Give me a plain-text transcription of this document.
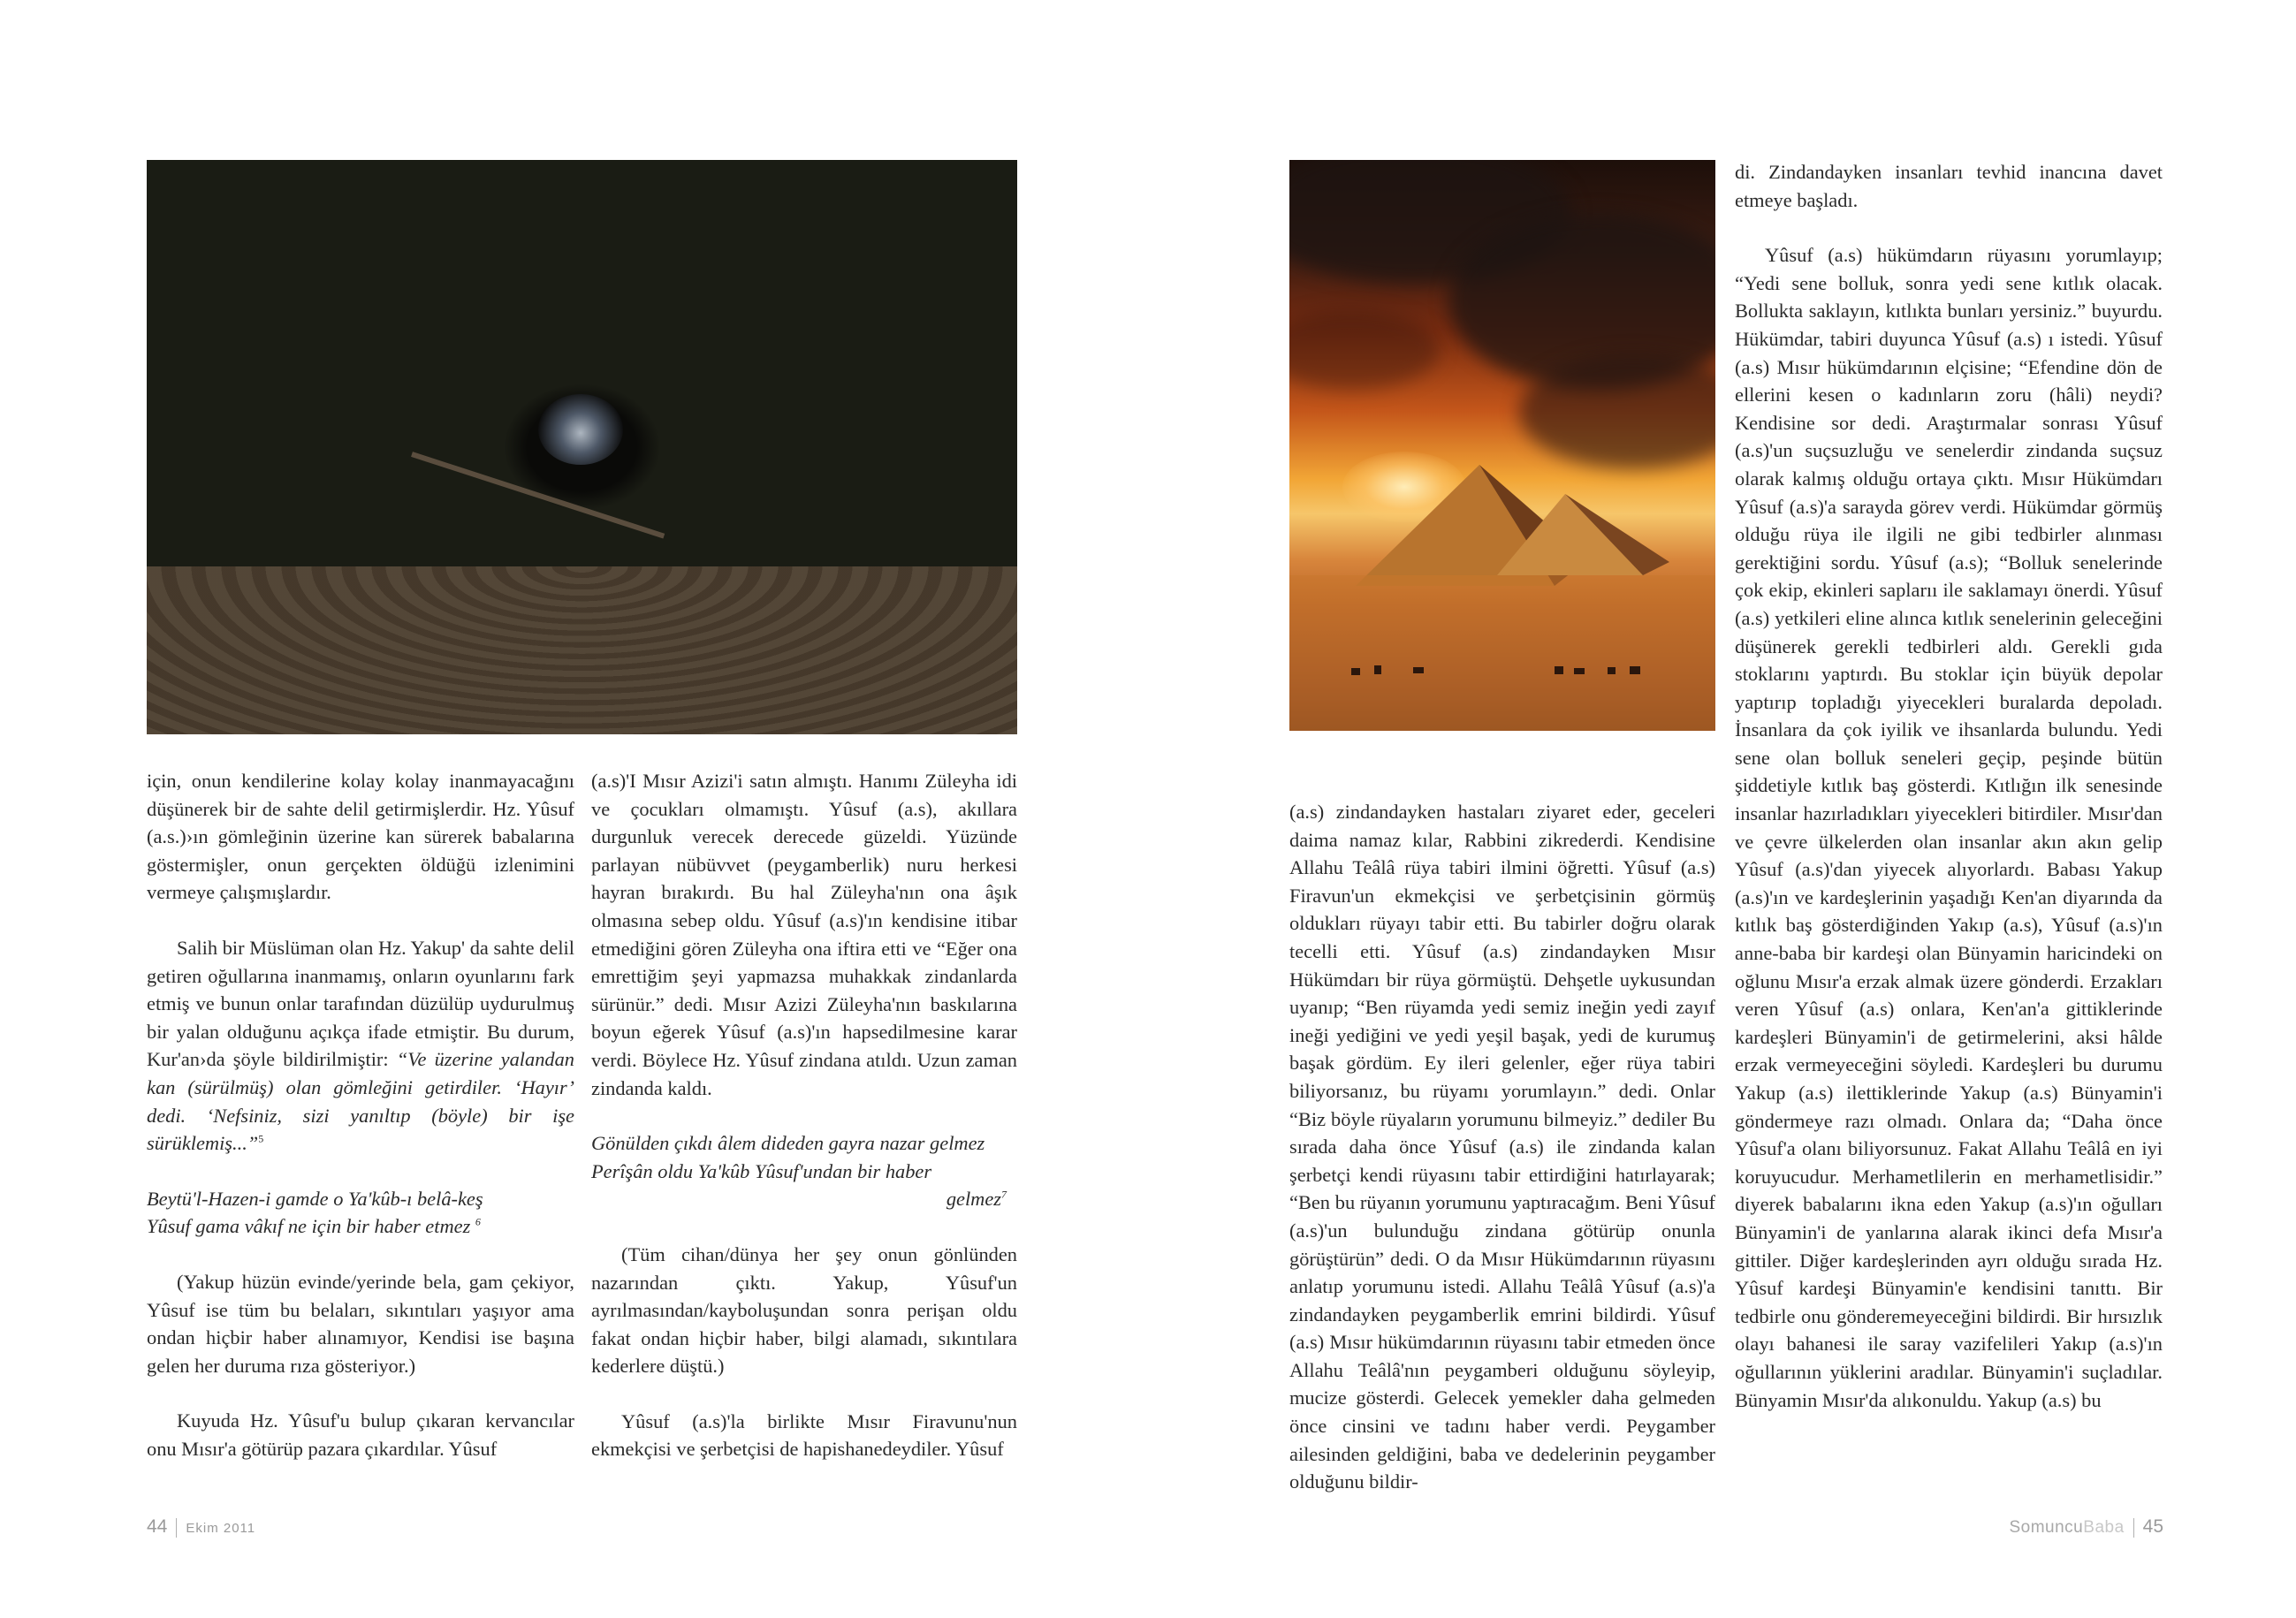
için, onun kendilerine kolay kolay inanmayacağını düşünerek bir de sahte delil getirmişlerdir. Hz. Yûsuf (a.s.)›ın gömleğinin üzerine kan sürerek babalarına göstermişler, onun gerçekten öldüğü izlenimini vermeye çalışmışlardır.

Salih bir Müslüman olan Hz. Yakup' da sahte delil getiren oğullarına inanmamış, onların oyunlarını fark etmiş ve bunun onlar tarafından düzülüp uydurulmuş bir yalan olduğunu açıkça ifade etmiştir. Bu durum, Kur'an›da şöyle bildirilmiştir: “Ve üzerine yalandan kan (sürülmüş) olan gömleğini getirdiler. ‘Hayır’ dedi. ‘Nefsiniz, sizi yanıltıp (böyle) bir işe sürüklemiş...”$^5$

Beytü'l-Hazen-i gamde o Ya'kûb-ı belâ-keş

Yûsuf gama vâkıf ne için bir haber etmez $^6$

(Yakup hüzün evinde/yerinde bela, gam çekiyor, Yûsuf ise tüm bu belaları, sıkıntıları yaşıyor ama ondan hiçbir haber alınamıyor, Kendisi ise başına gelen her duruma rıza gösteriyor.)

Kuyuda Hz. Yûsuf'u bulup çıkaran kervancılar onu Mısır'a götürüp pazara çıkardılar. Yûsuf

(a.s)'I Mısır Azizi'i satın almıştı. Hanımı Züleyha idi ve çocukları olmamıştı. Yûsuf (a.s), akıllara durgunluk verecek derecede güzeldi. Yüzünde parlayan nübüvvet (peygamberlik) nuru herkesi hayran bırakırdı. Bu hal Züleyha'nın ona âşık olmasına sebep oldu. Yûsuf (a.s)'ın kendisine itibar etmediğini gören Züleyha ona iftira etti ve “Eğer ona emrettiğim şeyi yapmazsa muhakkak zindanlarda sürünür.” dedi. Mısır Azizi Züleyha'nın baskılarına boyun eğerek Yûsuf (a.s)'ın hapsedilmesine karar verdi. Böylece Hz. Yûsuf zindana atıldı. Uzun zaman zindanda kaldı.

Gönülden çıkdı âlem dideden gayra nazar gelmez

Perîşân oldu Ya'kûb Yûsuf'undan bir haber

gelmez$^7$

(Tüm cihan/dünya her şey onun gönlünden nazarından çıktı. Yakup, Yûsuf'un ayrılmasından/kayboluşundan sonra perişan oldu fakat ondan hiçbir haber, bilgi alamadı, sıkıntılara kederlere düştü.)

Yûsuf (a.s)'la birlikte Mısır Firavunu'nun ekmekçisi ve şerbetçisi de hapishanedeydiler. Yûsuf

44 Ekim 2011

(a.s) zindandayken hastaları ziyaret eder, geceleri daima namaz kılar, Rabbini zikrederdi. Kendisine Allahu Teâlâ rüya tabiri ilmini öğretti. Yûsuf (a.s) Firavun'un ekmekçisi ve şerbetçisinin görmüş oldukları rüyayı tabir etti. Bu tabirler doğru olarak tecelli etti. Yûsuf (a.s) zindandayken Mısır Hükümdarı bir rüya görmüştü. Dehşetle uykusundan uyanıp; “Ben rüyamda yedi semiz ineğin yedi zayıf ineği yediğini ve yedi yeşil başak, yedi de kurumuş başak gördüm. Ey ileri gelenler, eğer rüya tabiri biliyorsanız, bu rüyamı yorumlayın.” dedi. Onlar “Biz böyle rüyaların yorumunu bilmeyiz.” dediler Bu sırada daha önce Yûsuf (a.s) ile zindanda kalan şerbetçi kendi rüyasını tabir ettirdiğini hatırlayarak; “Ben bu rüyanın yorumunu yaptıracağım. Beni Yûsuf (a.s)'un bulunduğu zindana götürüp onunla görüştürün” dedi. O da Mısır Hükümdarının rüyasını anlatıp yorumunu istedi. Allahu Teâlâ Yûsuf (a.s)'a zindandayken peygamberlik emrini bildirdi. Yûsuf (a.s) Mısır hükümdarının rüyasını tabir etmeden önce Allahu Teâlâ'nın peygamberi olduğunu söyleyip, mucize gösterdi. Gelecek yemekler daha gelmeden önce cinsini ve tadını haber verdi. Peygamber ailesinden geldiğini, baba ve dedelerinin peygamber olduğunu bildir-

di. Zindandayken insanları tevhid inancına davet etmeye başladı.

Yûsuf (a.s) hükümdarın rüyasını yorumlayıp; “Yedi sene bolluk, sonra yedi sene kıtlık olacak. Bollukta saklayın, kıtlıkta bunları yersiniz.” buyurdu. Hükümdar, tabiri duyunca Yûsuf (a.s) ı istedi. Yûsuf (a.s) Mısır hükümdarının elçisine; “Efendine dön de ellerini kesen o kadınların zoru (hâli) neydi? Kendisine sor dedi. Araştırmalar sonrası Yûsuf (a.s)'un suçsuzluğu ve senelerdir zindanda suçsuz olarak kalmış olduğu ortaya çıktı. Mısır Hükümdarı Yûsuf (a.s)'a sarayda görev verdi. Hükümdar görmüş olduğu rüya ile ilgili ne gibi tedbirler alınması gerektiğini sordu. Yûsuf (a.s); “Bolluk senelerinde çok ekip, ekinleri saplarıı ile saklamayı önerdi. Yûsuf (a.s) yetkileri eline alınca kıtlık senelerinin geleceğini düşünerek gerekli tedbirleri aldı. Gerekli gıda stoklarını yaptırdı. Bu stoklar için büyük depolar yaptırıp topladığı yiyecekleri buralarda depoladı. İnsanlara da çok iyilik ve ihsanlarda bulundu. Yedi sene olan bolluk seneleri geçip, peşinde bütün şiddetiyle kıtlık baş gösterdi. Kıtlığın ilk senesinde insanlar hazırladıkları yiyecekleri bitirdiler. Mısır'dan ve çevre ülkelerden olan insanlar akın akın gelip Yûsuf (a.s)'dan yiyecek alıyorlardı. Babası Yakup (a.s)'ın ve kardeşlerinin yaşadığı Ken'an diyarında da kıtlık baş gösterdiğinden Yakıp (a.s), Yûsuf (a.s)'ın anne-baba bir kardeşi olan Bünyamin haricindeki on oğlunu Mısır'a erzak almak üzere gönderdi. Erzakları veren Yûsuf (a.s) onlara, Ken'an'a gittiklerinde kardeşleri Bünyamin'i de getirmelerini, aksi hâlde erzak vermeyeceğini söyledi. Kardeşleri bu durumu Yakup (a.s) ilettiklerinde Yakup (a.s) Bünyamin'i göndermeye razı olmadı. Onlara da; “Daha önce Yûsuf'a olanı biliyorsunuz. Fakat Allahu Teâlâ en iyi koruyucudur. Merhametlilerin en merhametlisidir.” diyerek babalarını ikna eden Yakup (a.s)'ın oğulları Bünyamin'i de yanlarına alarak ikinci defa Mısır'a gittiler. Diğer kardeşlerinden ayrı olduğu sırada Hz. Yûsuf kardeşi Bünyamin'e kendisini tanıttı. Bir tedbirle onu gönderemeyeceğini bildirdi. Bir hırsızlık olayı bahanesi ile saray vazifelileri Yakıp (a.s)'ın oğullarının yüklerini aradılar. Bünyamin'i suçladılar. Bünyamin Mısır'da alıkonuldu. Yakup (a.s) bu

SomuncuBaba 45
